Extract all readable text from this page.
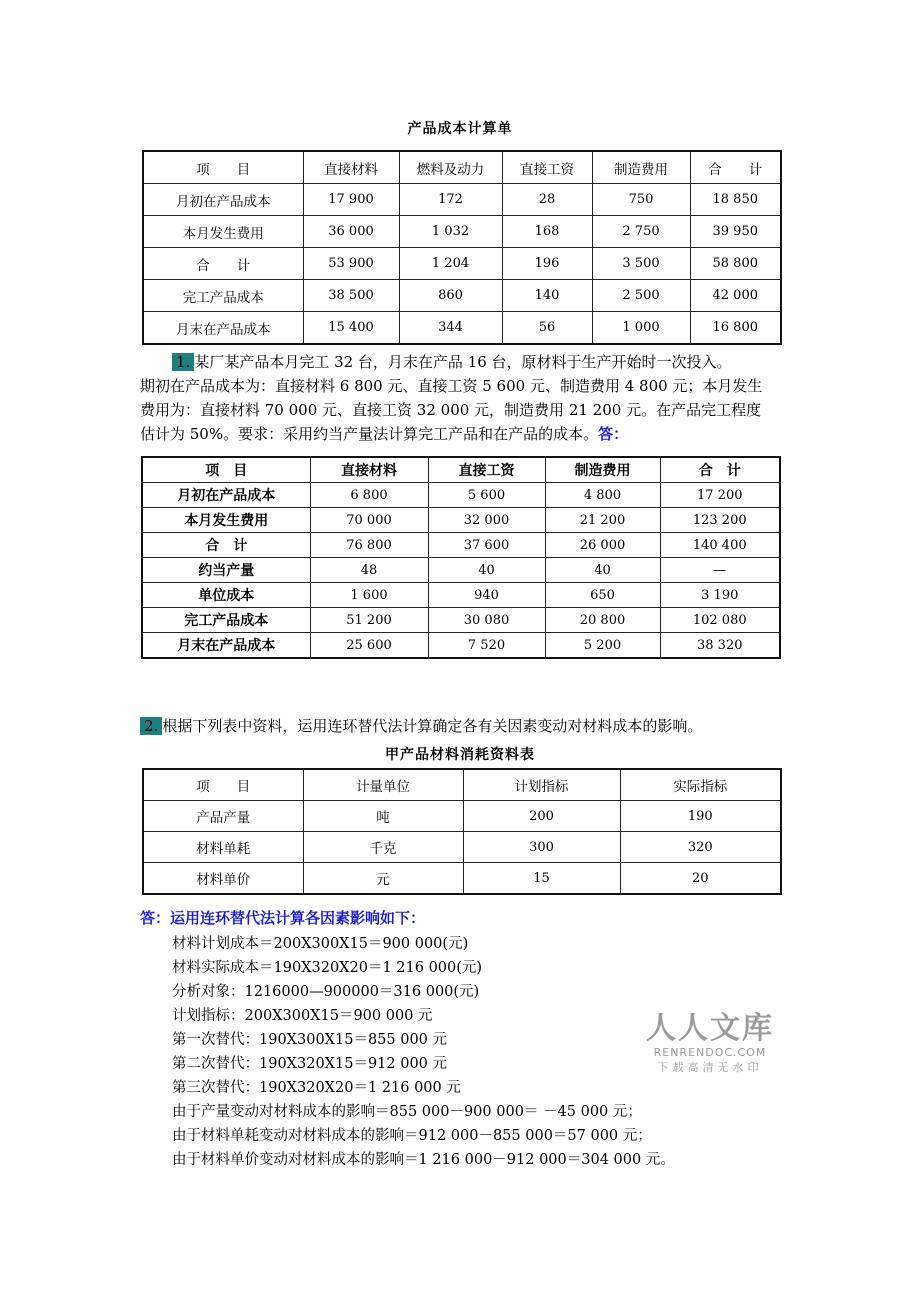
产品成本计算单
项　　目	直接材料	燃料及动力	直接工资	制造费用	合　　计
月初在产品成本	17 900	172	28	750	18 850
本月发生费用	36 000	1 032	168	2 750	39 950
合　　计	53 900	1 204	196	3 500	58 800
完工产品成本	38 500	860	140	2 500	42 000
月末在产品成本	15 400	344	56	1 000	16 800
1. 某厂某产品本月完工 32 台，月末在产品 16 台，原材料于生产开始时一次投入。
期初在产品成本为：直接材料 6 800 元、直接工资 5 600 元、制造费用 4 800 元；本月发生
费用为：直接材料 70 000 元、直接工资 32 000 元，制造费用 21 200 元。在产品完工程度
估计为 50%。要求：采用约当产量法计算完工产品和在产品的成本。答：
项　目	直接材料	直接工资	制造费用	合　计
月初在产品成本	6 800	5 600	4 800	17 200
本月发生费用	70 000	32 000	21 200	123 200
合　计	76 800	37 600	26 000	140 400
约当产量	48	40	40	—
单位成本	1 600	940	650	3 190
完工产品成本	51 200	30 080	20 800	102 080
月末在产品成本	25 600	7 520	5 200	38 320
2. 根据下列表中资料，运用连环替代法计算确定各有关因素变动对材料成本的影响。
甲产品材料消耗资料表
项　　目	计量单位	计划指标	实际指标
产品产量	吨	200	190
材料单耗	千克	300	320
材料单价	元	15	20
答：运用连环替代法计算各因素影响如下：
材料计划成本＝200X300X15＝900 000(元)
材料实际成本＝190X320X20＝1 216 000(元)
分析对象：1216000—900000＝316 000(元)
计划指标：200X300X15＝900 000 元
第一次替代：190X300X15＝855 000 元
第二次替代：190X320X15＝912 000 元
第三次替代：190X320X20＝1 216 000 元
由于产量变动对材料成本的影响＝855 000－900 000＝ －45 000 元；
由于材料单耗变动对材料成本的影响＝912 000－855 000＝57 000 元；
由于材料单价变动对材料成本的影响＝1 216 000－912 000＝304 000 元。
人人文库
RENRENDOC.COM
下载高清无水印
